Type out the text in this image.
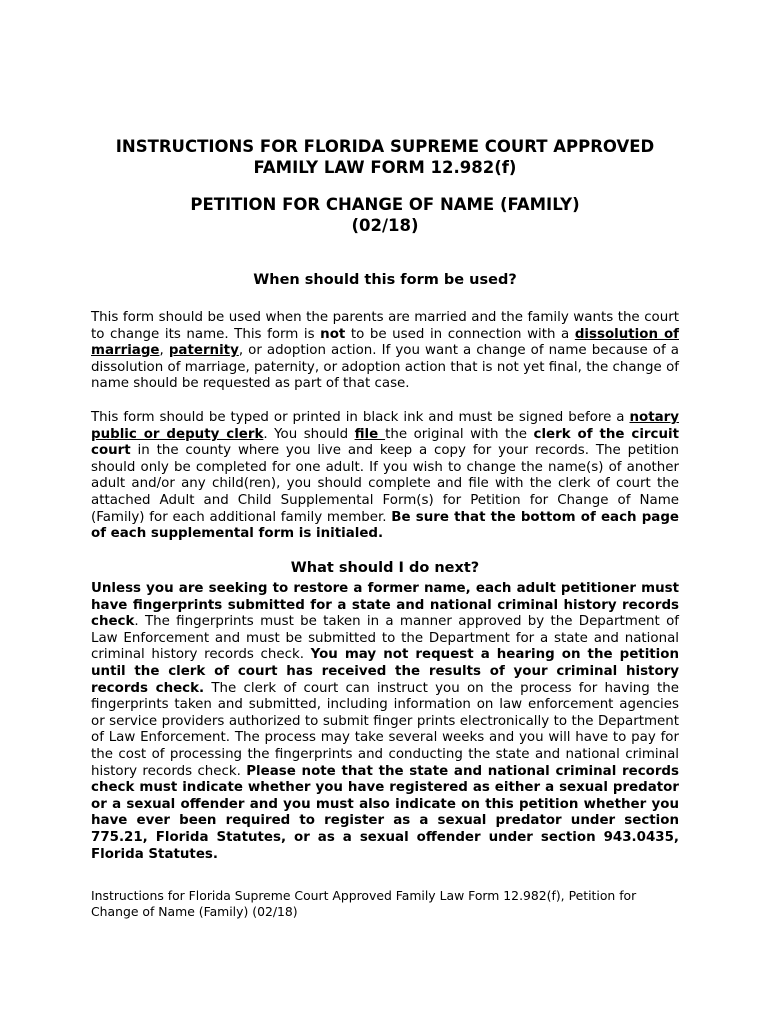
INSTRUCTIONS FOR FLORIDA SUPREME COURT APPROVED
FAMILY LAW FORM 12.982(f)
PETITION FOR CHANGE OF NAME (FAMILY)
(02/18)
When should this form be used?

This form should be used when the parents are married and the family wants the court to change its name. This form is not to be used in connection with a dissolution of marriage, paternity, or adoption action. If you want a change of name because of a dissolution of marriage, paternity, or adoption action that is not yet final, the change of name should be requested as part of that case.

This form should be typed or printed in black ink and must be signed before a notary public or deputy clerk. You should file the original with the clerk of the circuit court in the county where you live and keep a copy for your records. The petition should only be completed for one adult. If you wish to change the name(s) of another adult and/or any child(ren), you should complete and file with the clerk of court the attached Adult and Child Supplemental Form(s) for Petition for Change of Name (Family) for each additional family member. Be sure that the bottom of each page of each supplemental form is initialed.

What should I do next?

Unless you are seeking to restore a former name, each adult petitioner must have fingerprints submitted for a state and national criminal history records check. The fingerprints must be taken in a manner approved by the Department of Law Enforcement and must be submitted to the Department for a state and national criminal history records check. You may not request a hearing on the petition until the clerk of court has received the results of your criminal history records check. The clerk of court can instruct you on the process for having the fingerprints taken and submitted, including information on law enforcement agencies or service providers authorized to submit finger prints electronically to the Department of Law Enforcement. The process may take several weeks and you will have to pay for the cost of processing the fingerprints and conducting the state and national criminal history records check. Please note that the state and national criminal records check must indicate whether you have registered as either a sexual predator or a sexual offender and you must also indicate on this petition whether you have ever been required to register as a sexual predator under section 775.21, Florida Statutes, or as a sexual offender under section 943.0435, Florida Statutes.

Instructions for Florida Supreme Court Approved Family Law Form 12.982(f), Petition for
Change of Name (Family) (02/18)
